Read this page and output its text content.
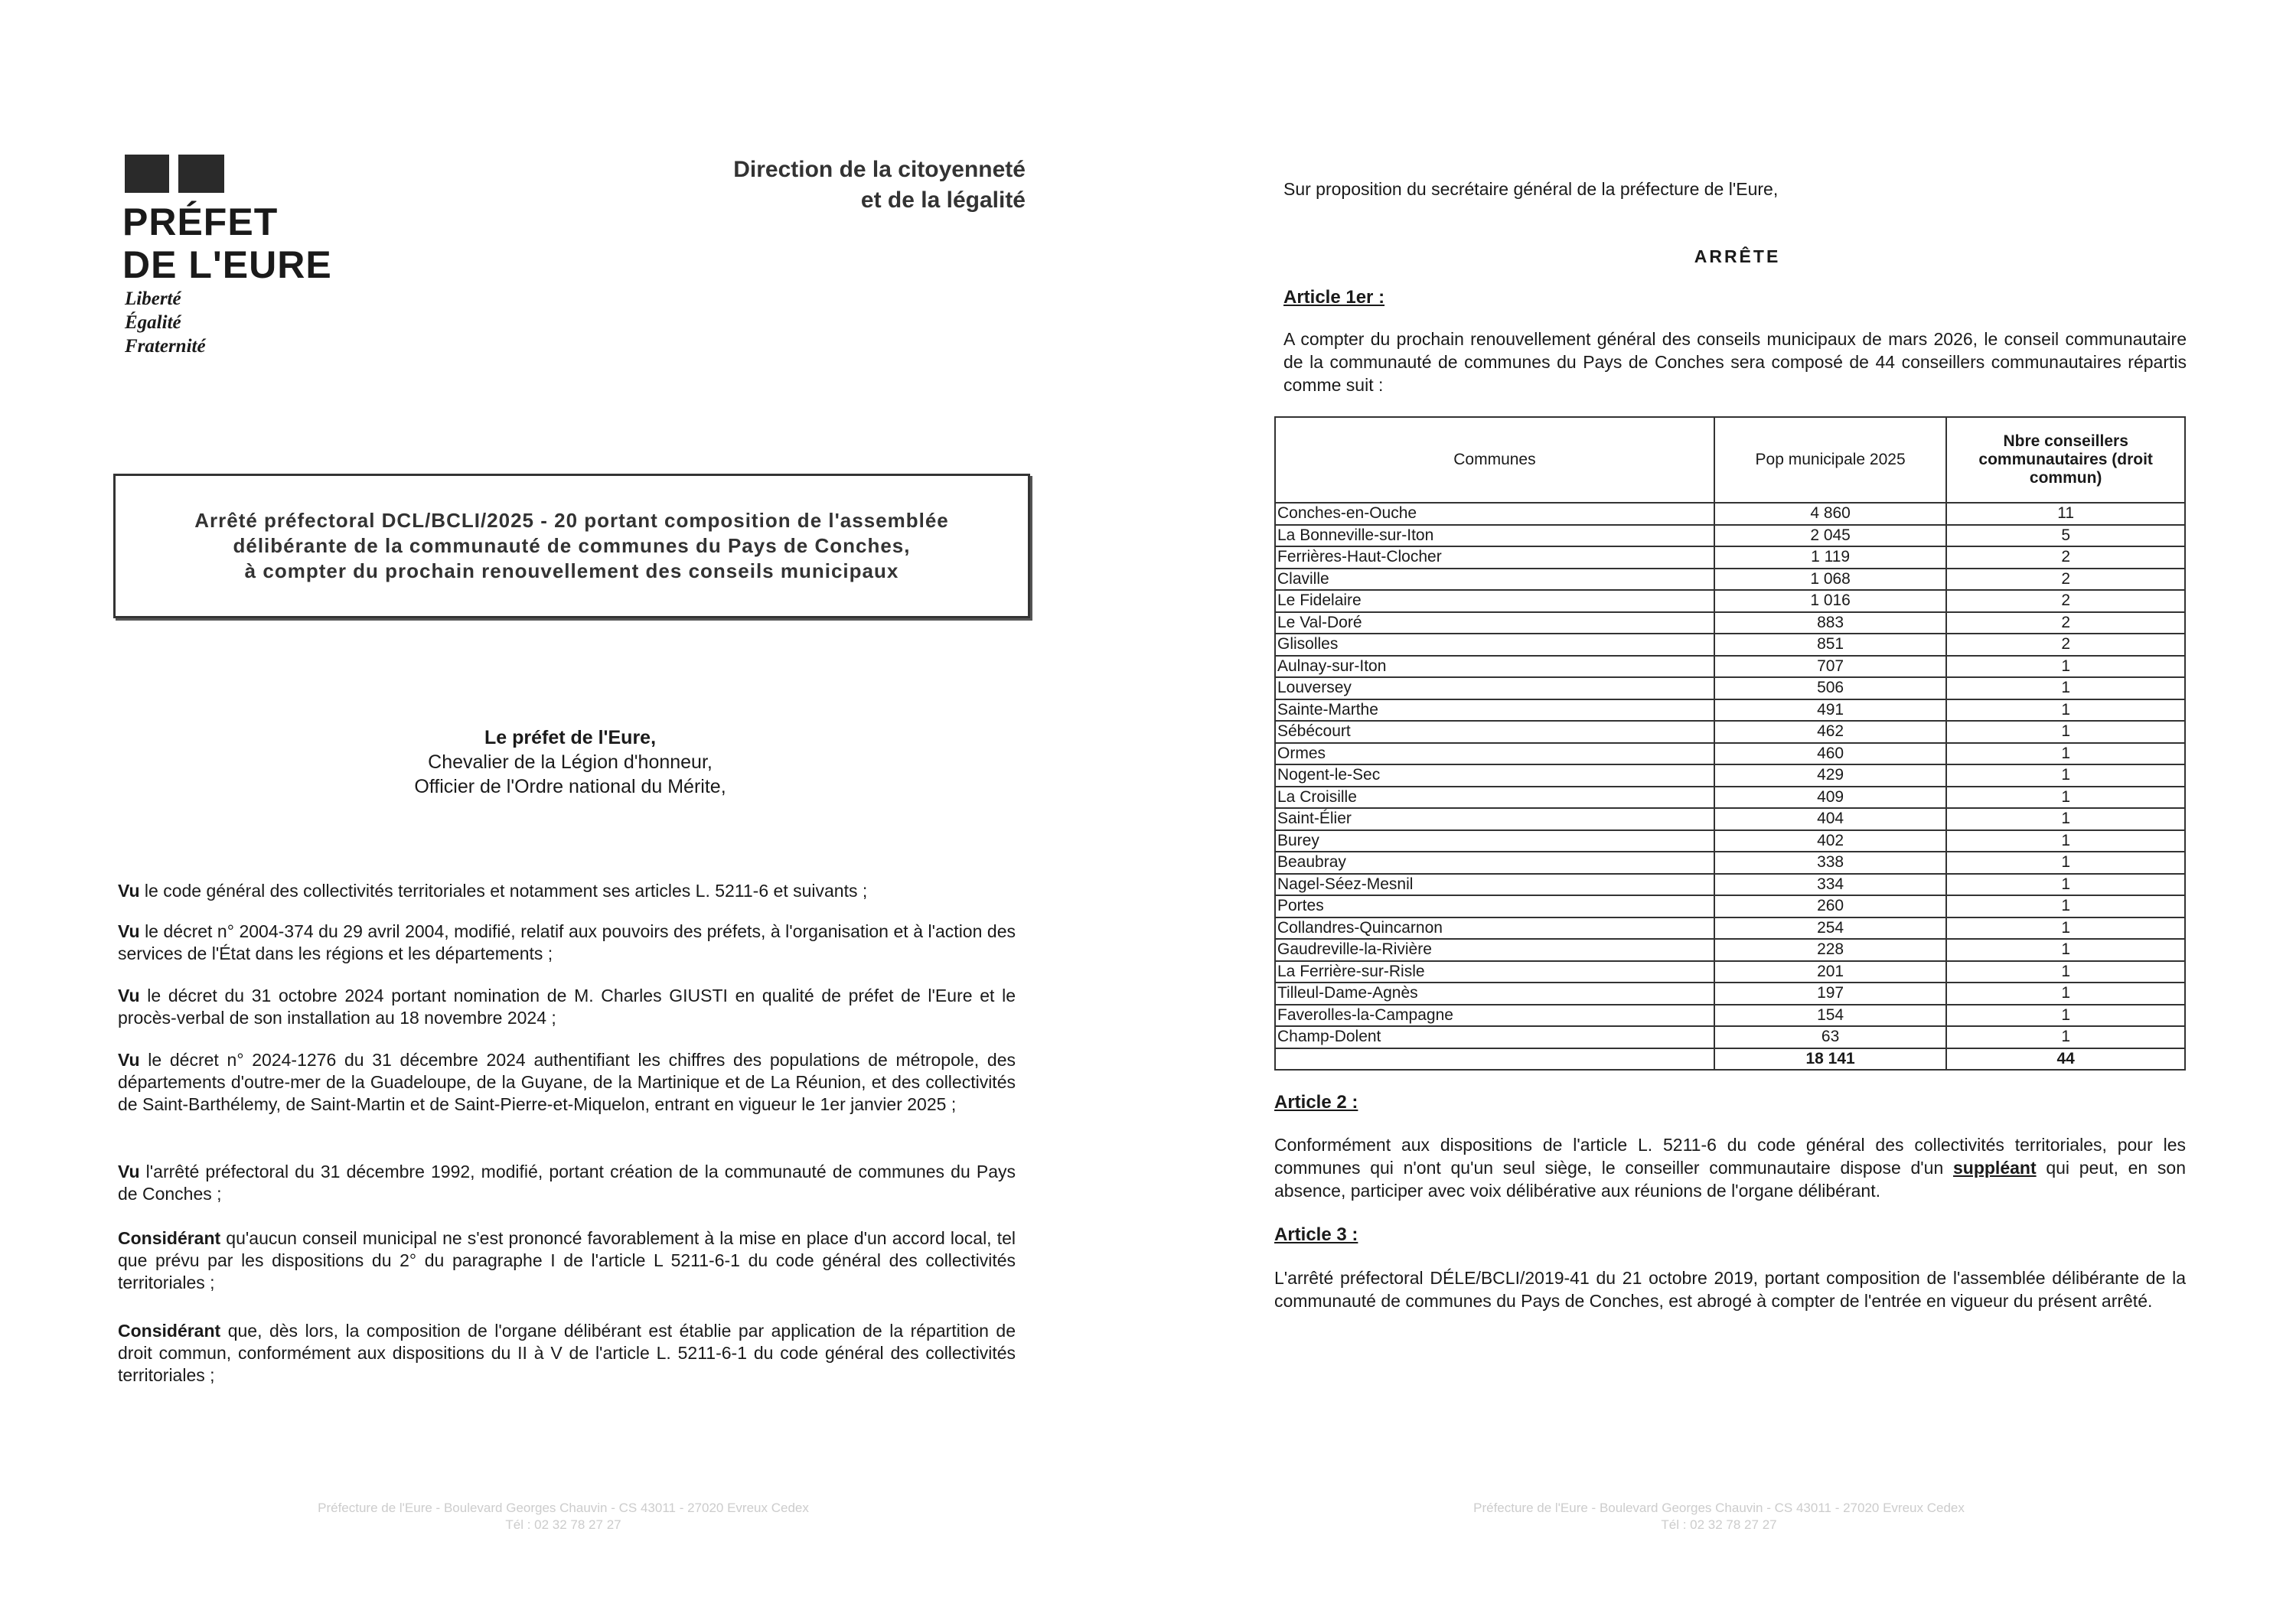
PRÉFET
DE L'EURE
Liberté
Égalité
Fraternité
Direction de la citoyenneté
et de la légalité
Arrêté préfectoral DCL/BCLI/2025 - 20 portant composition de l'assemblée
délibérante de la communauté de communes du Pays de Conches,
à compter du prochain renouvellement des conseils municipaux
Le préfet de l'Eure,
Chevalier de la Légion d'honneur,
Officier de l'Ordre national du Mérite,
Vu le code général des collectivités territoriales et notamment ses articles L. 5211-6 et suivants ;
Vu le décret n° 2004-374 du 29 avril 2004, modifié, relatif aux pouvoirs des préfets, à l'organisation et à l'action des services de l'État dans les régions et les départements ;
Vu le décret du 31 octobre 2024 portant nomination de M. Charles GIUSTI en qualité de préfet de l'Eure et le procès-verbal de son installation au 18 novembre 2024 ;
Vu le décret n° 2024-1276 du 31 décembre 2024 authentifiant les chiffres des populations de métropole, des départements d'outre-mer de la Guadeloupe, de la Guyane, de la Martinique et de La Réunion, et des collectivités de Saint-Barthélemy, de Saint-Martin et de Saint-Pierre-et-Miquelon, entrant en vigueur le 1er janvier 2025 ;
Vu l'arrêté préfectoral du 31 décembre 1992, modifié, portant création de la communauté de communes du Pays de Conches ;
Considérant qu'aucun conseil municipal ne s'est prononcé favorablement à la mise en place d'un accord local, tel que prévu par les dispositions du 2° du paragraphe I de l'article L 5211-6-1 du code général des collectivités territoriales ;
Considérant que, dès lors, la composition de l'organe délibérant est établie par application de la répartition de droit commun, conformément aux dispositions du II à V de l'article L. 5211-6-1 du code général des collectivités territoriales ;
Préfecture de l'Eure - Boulevard Georges Chauvin - CS 43011 - 27020 Evreux Cedex
Tél : 02 32 78 27 27
Sur proposition du secrétaire général de la préfecture de l'Eure,
ARRÊTE
Article 1er :
A compter du prochain renouvellement général des conseils municipaux de mars 2026, le conseil communautaire de la communauté de communes du Pays de Conches sera composé de 44 conseillers communautaires répartis comme suit :
Communes	Pop municipale 2025	Nbre conseillers communautaires (droit commun)
Conches-en-Ouche	4 860	11
La Bonneville-sur-Iton	2 045	5
Ferrières-Haut-Clocher	1 119	2
Claville	1 068	2
Le Fidelaire	1 016	2
Le Val-Doré	883	2
Glisolles	851	2
Aulnay-sur-Iton	707	1
Louversey	506	1
Sainte-Marthe	491	1
Sébécourt	462	1
Ormes	460	1
Nogent-le-Sec	429	1
La Croisille	409	1
Saint-Élier	404	1
Burey	402	1
Beaubray	338	1
Nagel-Séez-Mesnil	334	1
Portes	260	1
Collandres-Quincarnon	254	1
Gaudreville-la-Rivière	228	1
La Ferrière-sur-Risle	201	1
Tilleul-Dame-Agnès	197	1
Faverolles-la-Campagne	154	1
Champ-Dolent	63	1
	18 141	44
Article 2 :
Conformément aux dispositions de l'article L. 5211-6 du code général des collectivités territoriales, pour les communes qui n'ont qu'un seul siège, le conseiller communautaire dispose d'un suppléant qui peut, en son absence, participer avec voix délibérative aux réunions de l'organe délibérant.
Article 3 :
L'arrêté préfectoral DÉLE/BCLI/2019-41 du 21 octobre 2019, portant composition de l'assemblée délibérante de la communauté de communes du Pays de Conches, est abrogé à compter de l'entrée en vigueur du présent arrêté.
Préfecture de l'Eure - Boulevard Georges Chauvin - CS 43011 - 27020 Evreux Cedex
Tél : 02 32 78 27 27
